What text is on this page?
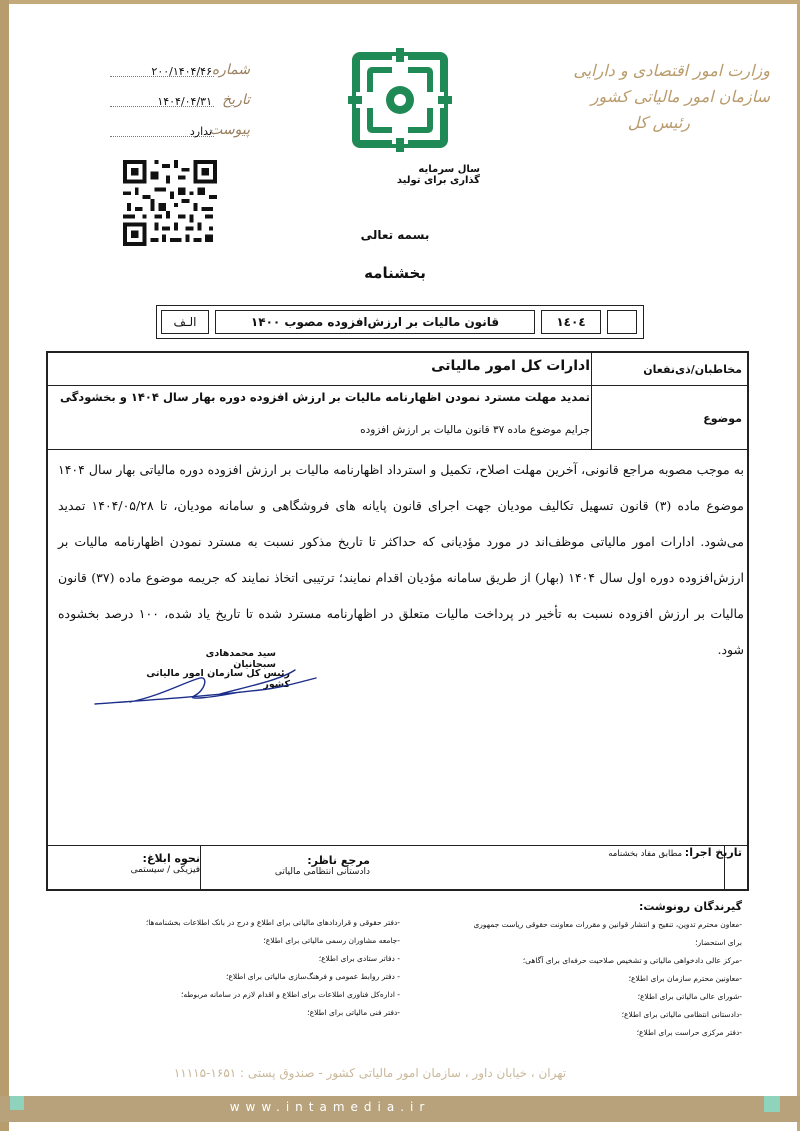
وزارت امور اقتصادی و دارایی
سازمان امور مالیاتی کشور
رئیس کل
سال سرمایه گذاری برای تولید
شماره
۲۰۰/۱۴۰۴/۴۶
تاریخ
۱۴۰۴/۰۴/۳۱
پیوست
ندارد
بسمه تعالی
بخشنامه
۱٤٠٤
قانون مالیات بر ارزش‌افزوده مصوب ۱۴۰۰
الـف
مخاطبان/ذی‌نفعان
ادارات کل امور مالیاتی
موضوع
تمدید مهلت مسترد نمودن اظهارنامه مالیات بر ارزش افزوده دوره بهار سال ۱۴۰۴ و بخشودگی
جرایم موضوع ماده ۳۷ قانون مالیات بر ارزش افزوده
به موجب مصوبه مراجع قانونی، آخرین مهلت اصلاح، تکمیل و استرداد اظهارنامه مالیات بر ارزش افزوده دوره مالیاتی بهار سال ۱۴۰۴ موضوع ماده (۳) قانون تسهیل تکالیف مودیان جهت اجرای قانون پایانه های فروشگاهی و سامانه مودیان، تا ۱۴۰۴/۰۵/۲۸ تمدید می‌شود. ادارات امور مالیاتی موظف‌اند در مورد مؤدیانی که حداکثر تا تاریخ مذکور نسبت به مسترد نمودن اظهارنامه مالیات بر ارزش‌افزوده دوره اول سال ۱۴۰۴ (بهار) از طریق سامانه مؤدیان اقدام نمایند؛ ترتیبی اتخاذ نمایند که جریمه موضوع ماده (۳۷) قانون مالیات بر ارزش افزوده نسبت به تأخیر در پرداخت مالیات متعلق در اظهارنامه مسترد شده تا تاریخ یاد شده، ۱۰۰ درصد بخشوده شود.
سید محمدهادی سبحانیان
رئیس کل سازمان امور مالیاتی کشور
تاریخ اجرا: مطابق مفاد بخشنامه
مرجع ناظر:
دادستانی انتظامی مالیاتی
نحوه ابلاغ:
فیزیکی / سیستمی
گیرندگان رونوشت:
-معاون محترم تدوین، تنقیح و انتشار قوانین و مقررات معاونت حقوقی ریاست جمهوری برای استحضار؛
-مرکز عالی دادخواهی مالیاتی و تشخیص صلاحیت حرفه‌ای برای آگاهی؛
-معاونین محترم سازمان برای اطلاع؛
-شورای عالی مالیاتی برای اطلاع؛
-دادستانی انتظامی مالیاتی برای اطلاع؛
-دفتر مرکزی حراست برای اطلاع؛
-دفتر حقوقی و قراردادهای مالیاتی برای اطلاع و درج در بانک اطلاعات بخشنامه‌ها؛
-جامعه مشاوران رسمی مالیاتی برای اطلاع؛
- دفاتر ستادی برای اطلاع؛
- دفتر روابط عمومی و فرهنگ‌سازی مالیاتی برای اطلاع؛
- اداره‌کل فناوری اطلاعات برای اطلاع و اقدام لازم در سامانه مربوطه؛
-دفتر فنی مالیاتی برای اطلاع؛
تهران ، خیابان داور ، سازمان امور مالیاتی کشور - صندوق پستی : ۱۶۵۱-۱۱۱۱۵
www.intamedia.ir
